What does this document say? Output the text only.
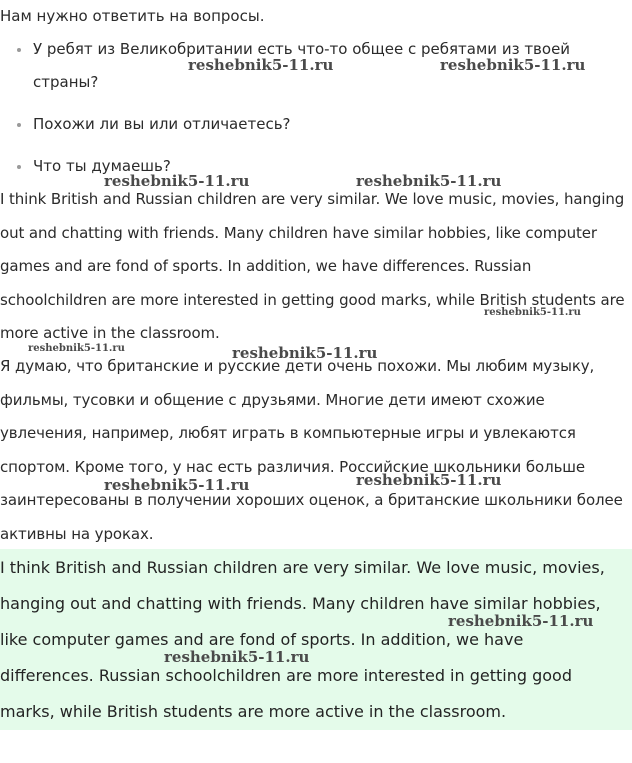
Нам нужно ответить на вопросы.
У ребят из Великобритании есть что-то общее с ребятами из твоей
страны?
Похожи ли вы или отличаетесь?
Что ты думаешь?

I think British and Russian children are very similar. We love music, movies, hanging out and chatting with friends. Many children have similar hobbies, like computer games and are fond of sports. In addition, we have differences. Russian schoolchildren are more interested in getting good marks, while British students are more active in the classroom.

Я думаю, что британские и русские дети очень похожи. Мы любим музыку, фильмы, тусовки и общение с друзьями. Многие дети имеют схожие увлечения, например, любят играть в компьютерные игры и увлекаются спортом. Кроме того, у нас есть различия. Российские школьники больше заинтересованы в получении хороших оценок, а британские школьники более активны на уроках.

I think British and Russian children are very similar. We love music, movies, hanging out and chatting with friends. Many children have similar hobbies, like computer games and are fond of sports. In addition, we have differences. Russian schoolchildren are more interested in getting good marks, while British students are more active in the classroom.

reshebnik5-11.ru	reshebnik5-11.ru
reshebnik5-11.ru	reshebnik5-11.ru
reshebnik5-11.ru
reshebnik5-11.ru	reshebnik5-11.ru
reshebnik5-11.ru	reshebnik5-11.ru
reshebnik5-11.ru
reshebnik5-11.ru
